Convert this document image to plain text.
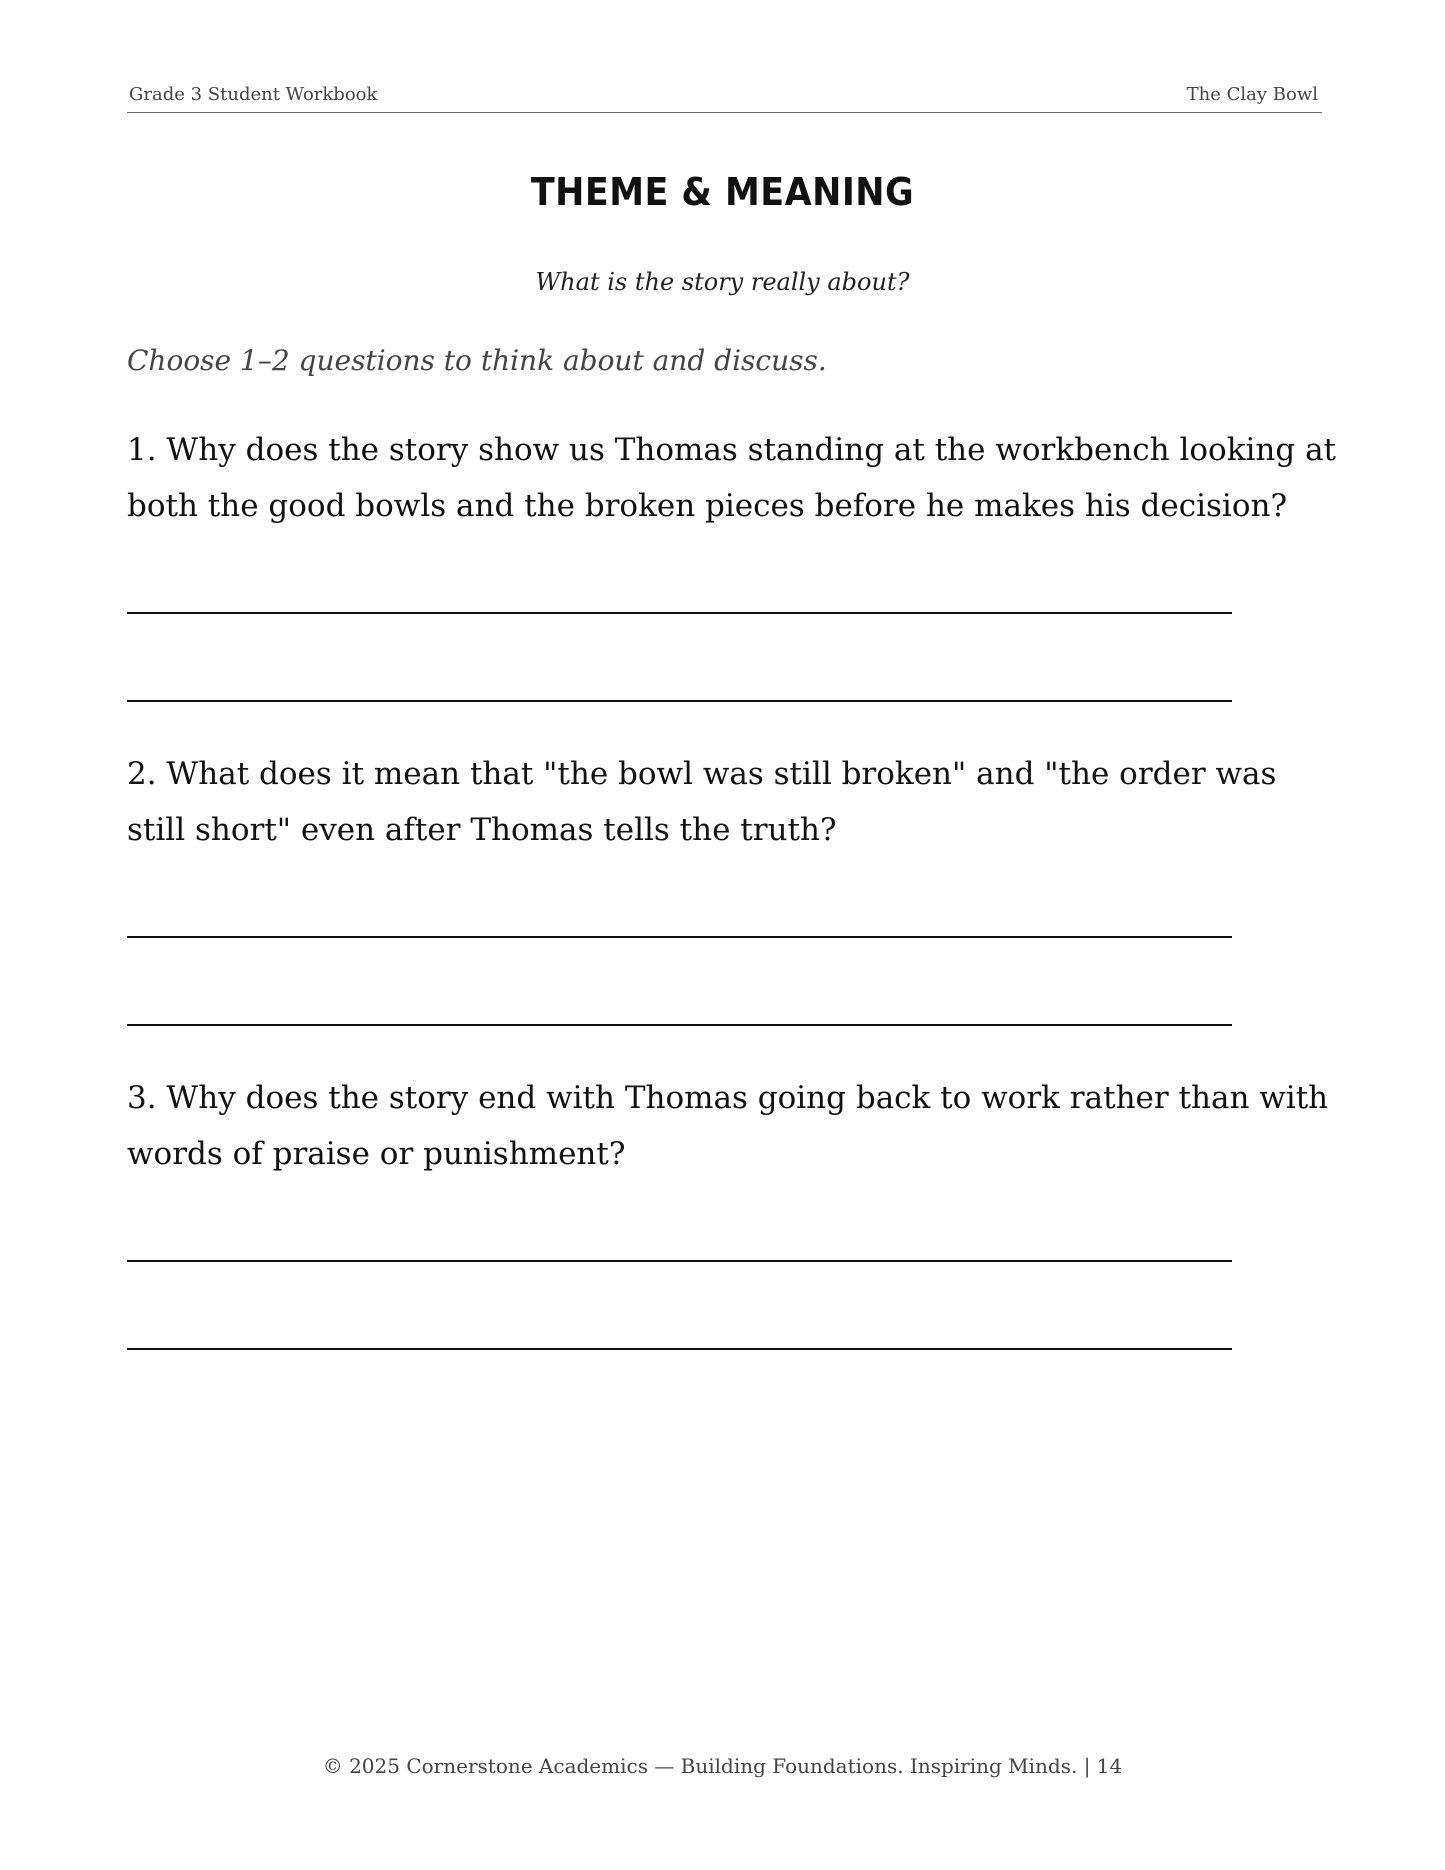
Grade 3 Student Workbook	The Clay Bowl
THEME & MEANING
What is the story really about?
Choose 1–2 questions to think about and discuss.
1. Why does the story show us Thomas standing at the workbench looking at both the good bowls and the broken pieces before he makes his decision?
2. What does it mean that "the bowl was still broken" and "the order was still short" even after Thomas tells the truth?
3. Why does the story end with Thomas going back to work rather than with words of praise or punishment?
© 2025 Cornerstone Academics — Building Foundations. Inspiring Minds. | 14
